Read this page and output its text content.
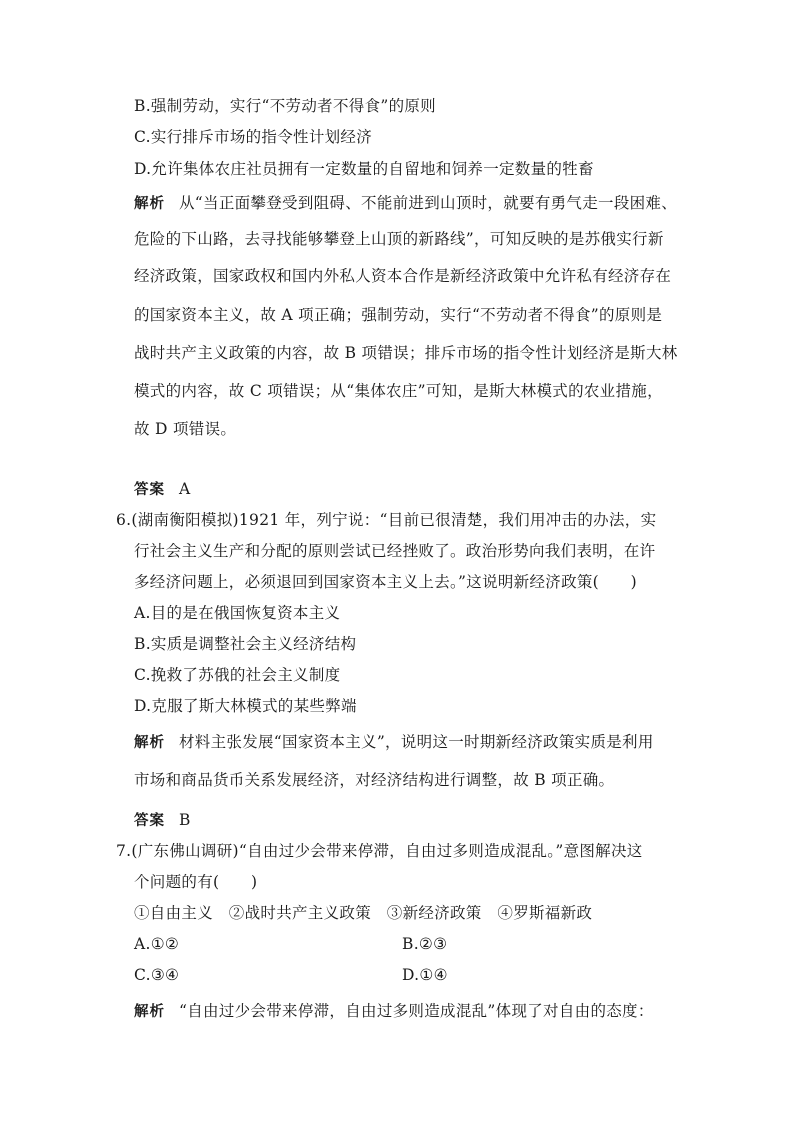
B.强制劳动，实行“不劳动者不得食”的原则
C.实行排斥市场的指令性计划经济
D.允许集体农庄社员拥有一定数量的自留地和饲养一定数量的牲畜
解析 从“当正面攀登受到阻碍、不能前进到山顶时，就要有勇气走一段困难、
危险的下山路，去寻找能够攀登上山顶的新路线”，可知反映的是苏俄实行新
经济政策，国家政权和国内外私人资本合作是新经济政策中允许私有经济存在
的国家资本主义，故 A 项正确；强制劳动，实行“不劳动者不得食”的原则是
战时共产主义政策的内容，故 B 项错误；排斥市场的指令性计划经济是斯大林
模式的内容，故 C 项错误；从“集体农庄”可知，是斯大林模式的农业措施，
故 D 项错误。
答案 A
6.(湖南衡阳模拟)1921 年，列宁说：“目前已很清楚，我们用冲击的办法，实
行社会主义生产和分配的原则尝试已经挫败了。政治形势向我们表明，在许
多经济问题上，必须退回到国家资本主义上去。”这说明新经济政策(　　)
A.目的是在俄国恢复资本主义
B.实质是调整社会主义经济结构
C.挽救了苏俄的社会主义制度
D.克服了斯大林模式的某些弊端
解析 材料主张发展“国家资本主义”，说明这一时期新经济政策实质是利用
市场和商品货币关系发展经济，对经济结构进行调整，故 B 项正确。
答案 B
7.(广东佛山调研)“自由过少会带来停滞，自由过多则造成混乱。”意图解决这
个问题的有(　　)
①自由主义　②战时共产主义政策　③新经济政策　④罗斯福新政
A.①②	B.②③
C.③④	D.①④
解析 “自由过少会带来停滞，自由过多则造成混乱”体现了对自由的态度：
